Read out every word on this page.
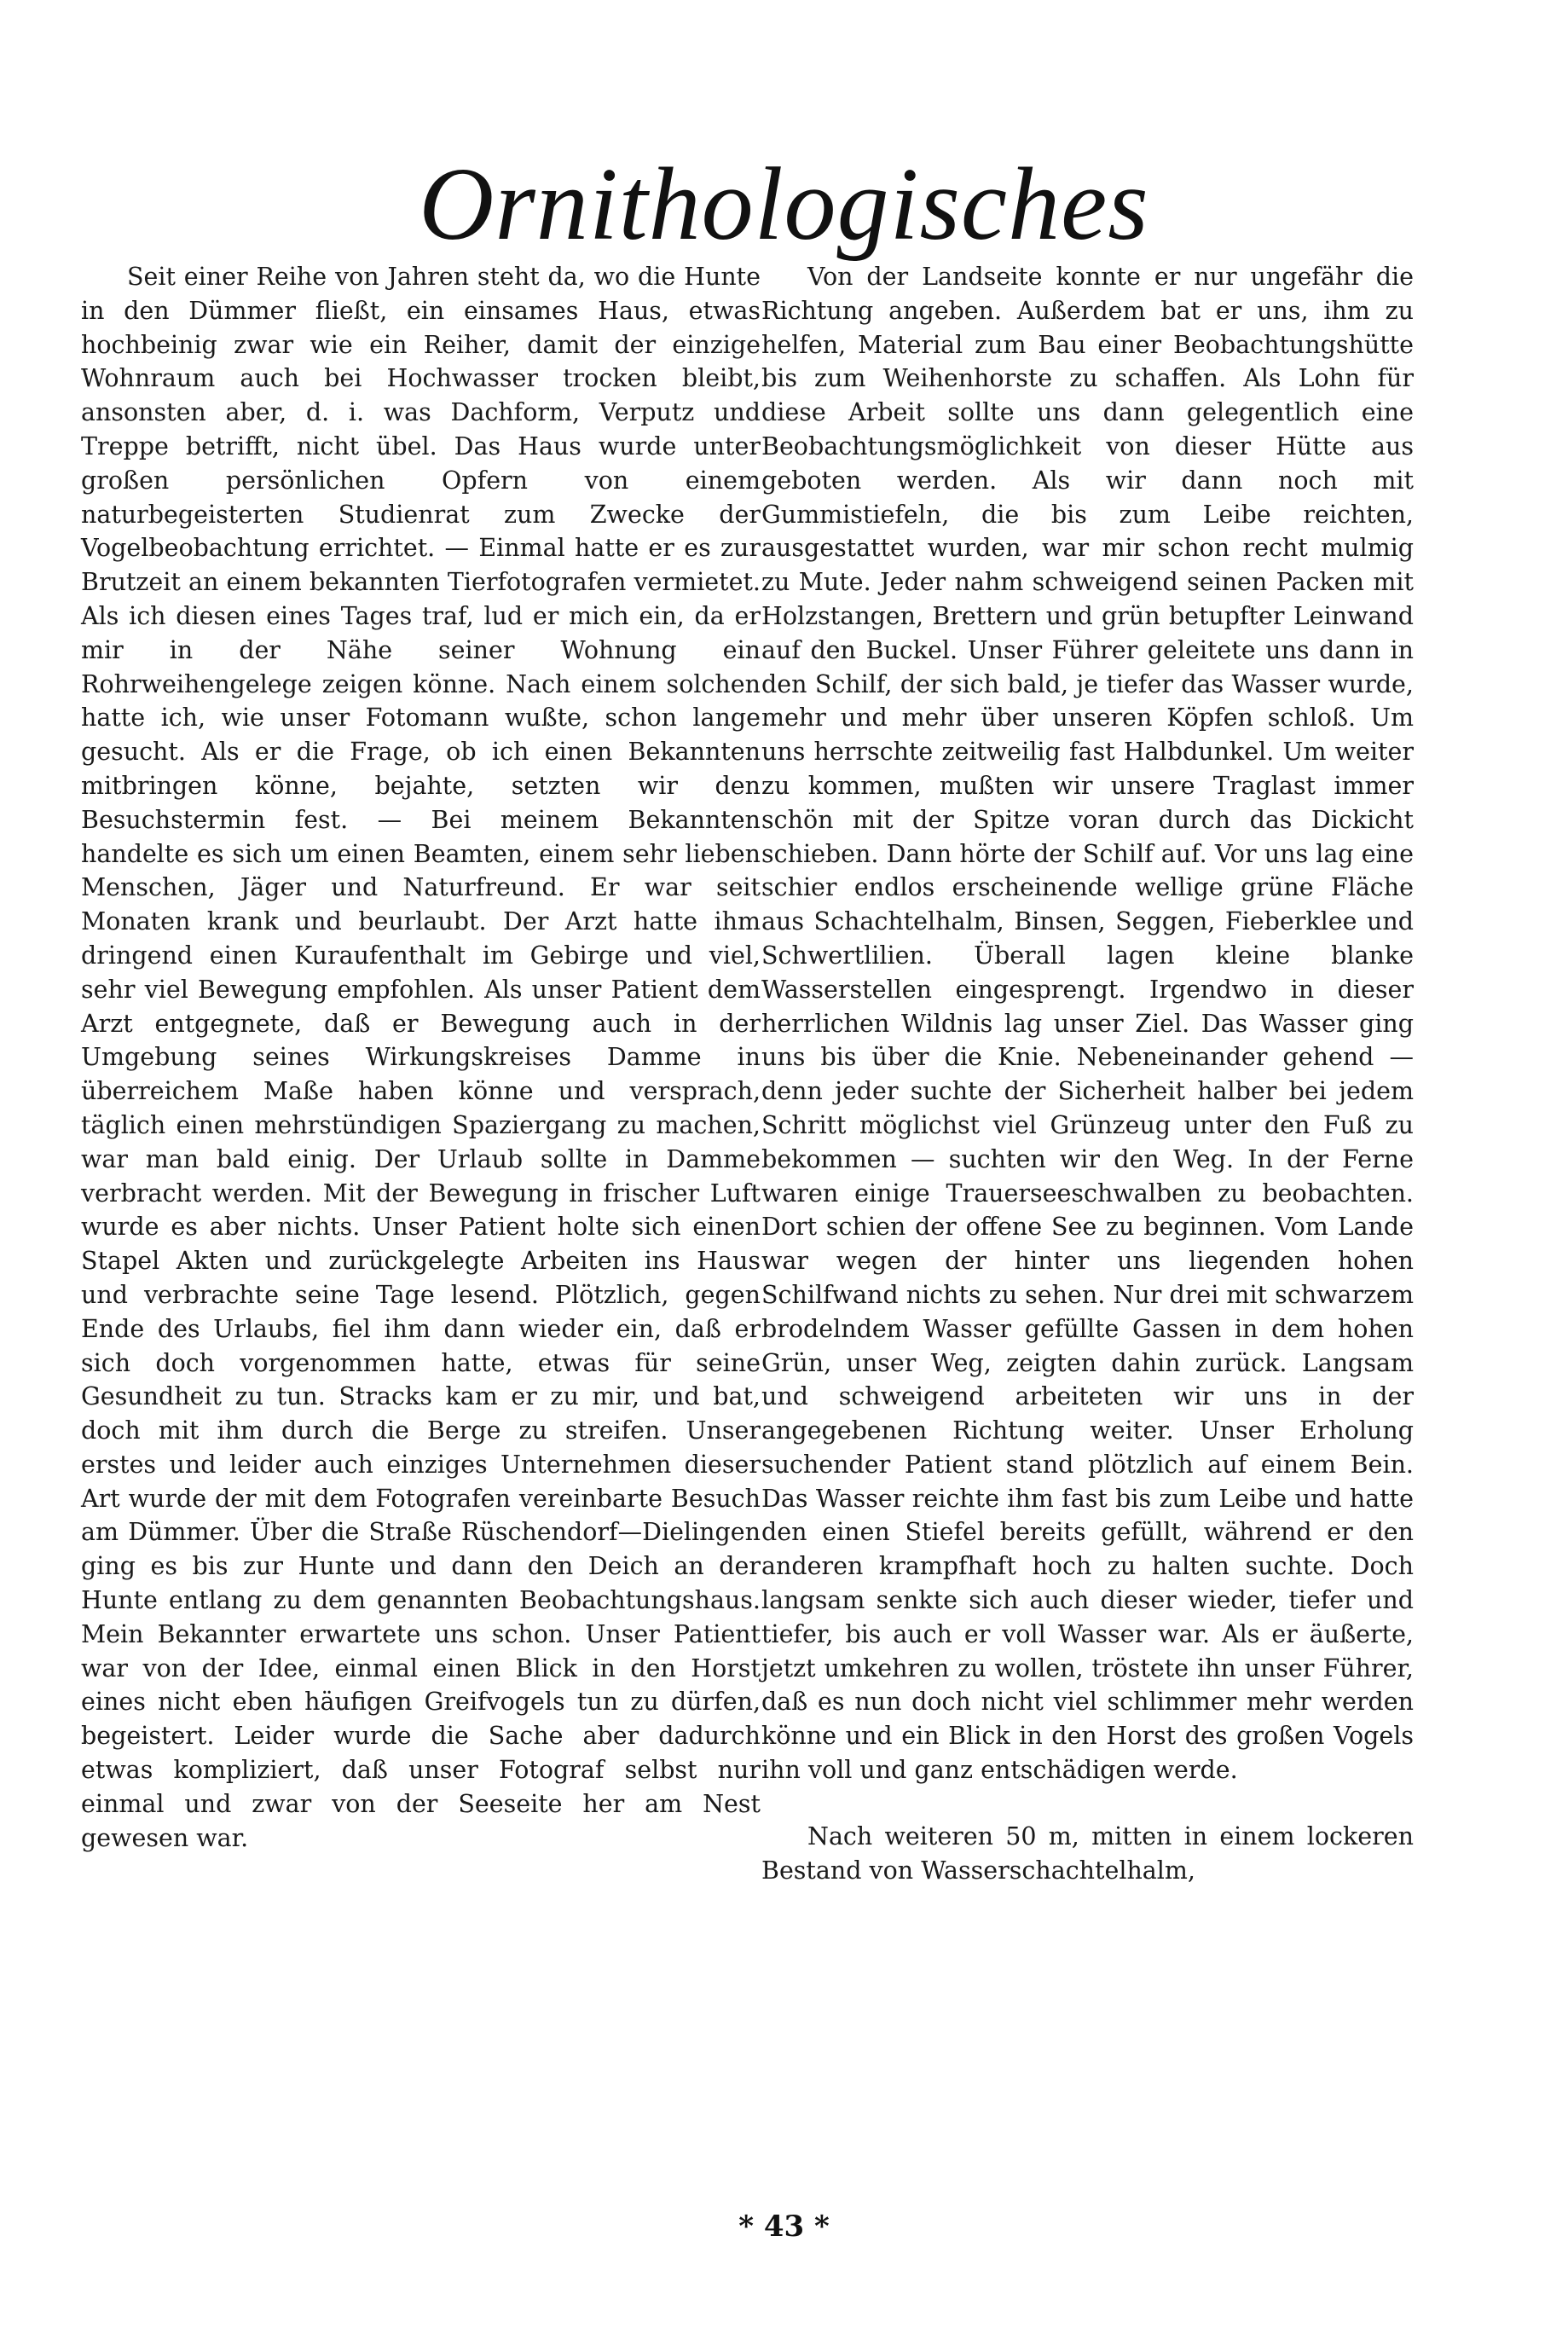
Ornithologisches

Seit einer Reihe von Jahren steht da, wo die Hunte in den Dümmer fließt, ein einsames Haus, etwas hochbeinig zwar wie ein Reiher, damit der einzige Wohnraum auch bei Hochwasser trocken bleibt, ansonsten aber, d. i. was Dachform, Verputz und Treppe betrifft, nicht übel. Das Haus wurde unter großen persönlichen Opfern von einem naturbegeisterten Studienrat zum Zwecke der Vogelbeobachtung errichtet. — Einmal hatte er es zur Brutzeit an einem bekannten Tierfotografen vermietet. Als ich diesen eines Tages traf, lud er mich ein, da er mir in der Nähe seiner Wohnung ein Rohrweihengelege zeigen könne. Nach einem solchen hatte ich, wie unser Fotomann wußte, schon lange gesucht. Als er die Frage, ob ich einen Bekannten mitbringen könne, bejahte, setzten wir den Besuchstermin fest. — Bei meinem Bekannten handelte es sich um einen Beamten, einem sehr lieben Menschen, Jäger und Naturfreund. Er war seit Monaten krank und beurlaubt. Der Arzt hatte ihm dringend einen Kuraufenthalt im Gebirge und viel, sehr viel Bewegung empfohlen. Als unser Patient dem Arzt entgegnete, daß er Bewegung auch in der Umgebung seines Wirkungskreises Damme in überreichem Maße haben könne und versprach, täglich einen mehrstündigen Spaziergang zu machen, war man bald einig. Der Urlaub sollte in Damme verbracht werden. Mit der Bewegung in frischer Luft wurde es aber nichts. Unser Patient holte sich einen Stapel Akten und zurückgelegte Arbeiten ins Haus und verbrachte seine Tage lesend. Plötzlich, gegen Ende des Urlaubs, fiel ihm dann wieder ein, daß er sich doch vorgenommen hatte, etwas für seine Gesundheit zu tun. Stracks kam er zu mir, und bat, doch mit ihm durch die Berge zu streifen. Unser erstes und leider auch einziges Unternehmen dieser Art wurde der mit dem Fotografen vereinbarte Besuch am Dümmer. Über die Straße Rüschendorf—Dielingen ging es bis zur Hunte und dann den Deich an der Hunte entlang zu dem genannten Beobachtungshaus. Mein Bekannter erwartete uns schon. Unser Patient war von der Idee, einmal einen Blick in den Horst eines nicht eben häufigen Greifvogels tun zu dürfen, begeistert. Leider wurde die Sache aber dadurch etwas kompliziert, daß unser Fotograf selbst nur einmal und zwar von der Seeseite her am Nest gewesen war.

Von der Landseite konnte er nur ungefähr die Richtung angeben. Außerdem bat er uns, ihm zu helfen, Material zum Bau einer Beobachtungshütte bis zum Weihenhorste zu schaffen. Als Lohn für diese Arbeit sollte uns dann gelegentlich eine Beobachtungsmöglichkeit von dieser Hütte aus geboten werden. Als wir dann noch mit Gummistiefeln, die bis zum Leibe reichten, ausgestattet wurden, war mir schon recht mulmig zu Mute. Jeder nahm schweigend seinen Packen mit Holzstangen, Brettern und grün betupfter Leinwand auf den Buckel. Unser Führer geleitete uns dann in den Schilf, der sich bald, je tiefer das Wasser wurde, mehr und mehr über unseren Köpfen schloß. Um uns herrschte zeitweilig fast Halbdunkel. Um weiter zu kommen, mußten wir unsere Traglast immer schön mit der Spitze voran durch das Dickicht schieben. Dann hörte der Schilf auf. Vor uns lag eine schier endlos erscheinende wellige grüne Fläche aus Schachtelhalm, Binsen, Seggen, Fieberklee und Schwertlilien. Überall lagen kleine blanke Wasserstellen eingesprengt. Irgendwo in dieser herrlichen Wildnis lag unser Ziel. Das Wasser ging uns bis über die Knie. Nebeneinander gehend — denn jeder suchte der Sicherheit halber bei jedem Schritt möglichst viel Grünzeug unter den Fuß zu bekommen — suchten wir den Weg. In der Ferne waren einige Trauerseeschwalben zu beobachten. Dort schien der offene See zu beginnen. Vom Lande war wegen der hinter uns liegenden hohen Schilfwand nichts zu sehen. Nur drei mit schwarzem brodelndem Wasser gefüllte Gassen in dem hohen Grün, unser Weg, zeigten dahin zurück. Langsam und schweigend arbeiteten wir uns in der angegebenen Richtung weiter. Unser Erholung suchender Patient stand plötzlich auf einem Bein. Das Wasser reichte ihm fast bis zum Leibe und hatte den einen Stiefel bereits gefüllt, während er den anderen krampfhaft hoch zu halten suchte. Doch langsam senkte sich auch dieser wieder, tiefer und tiefer, bis auch er voll Wasser war. Als er äußerte, jetzt umkehren zu wollen, tröstete ihn unser Führer, daß es nun doch nicht viel schlimmer mehr werden könne und ein Blick in den Horst des großen Vogels ihn voll und ganz entschädigen werde.

Nach weiteren 50 m, mitten in einem lockeren Bestand von Wasserschachtelhalm,

* 43 *
